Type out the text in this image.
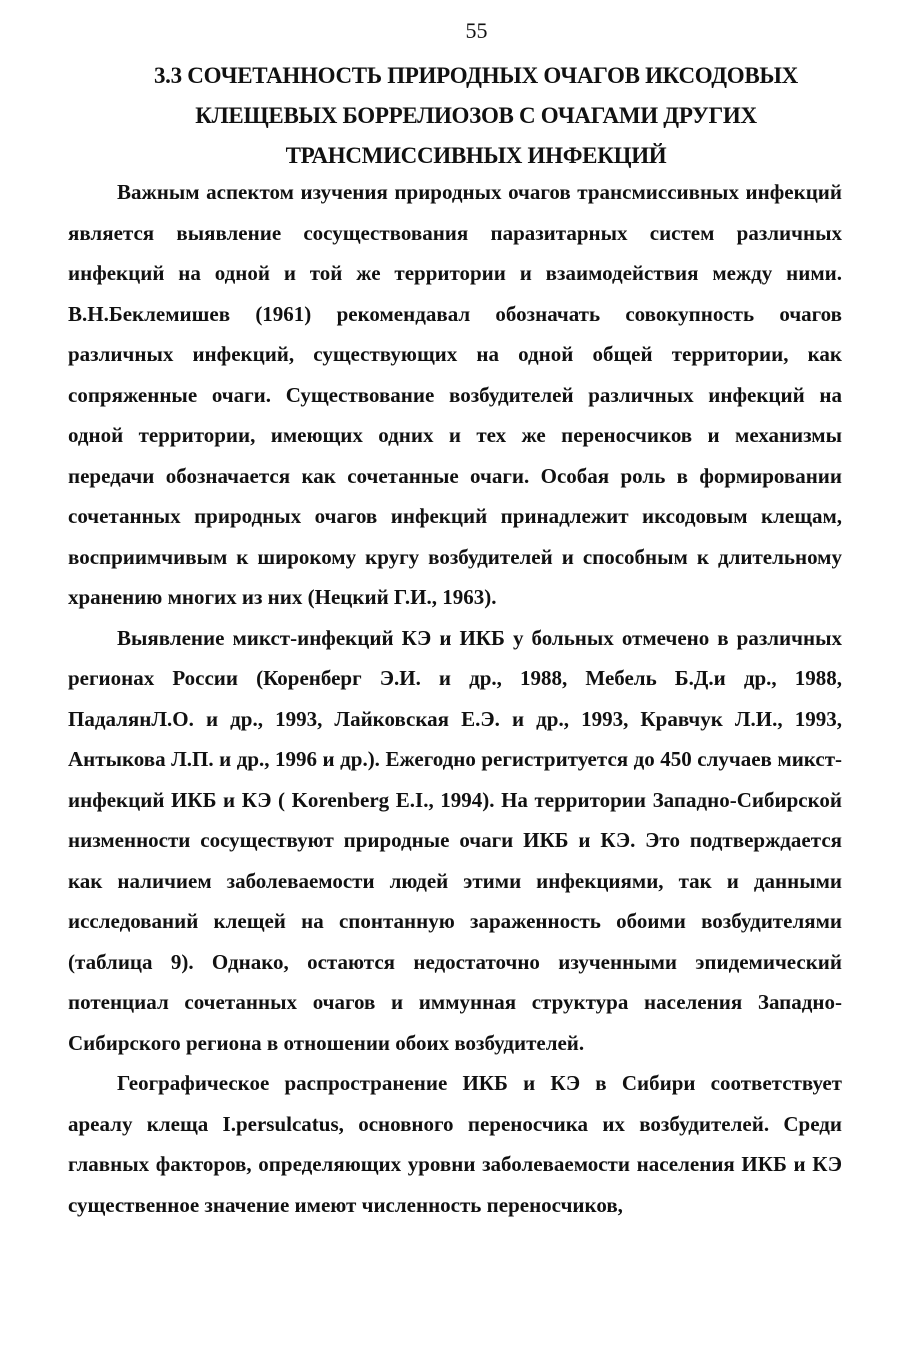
55
3.3 СОЧЕТАННОСТЬ ПРИРОДНЫХ ОЧАГОВ ИКСОДОВЫХ
КЛЕЩЕВЫХ БОРРЕЛИОЗОВ С ОЧАГАМИ ДРУГИХ
ТРАНСМИССИВНЫХ ИНФЕКЦИЙ

Важным аспектом изучения природных очагов трансмиссивных инфекций является выявление сосуществования паразитарных систем различных инфекций на одной и той же территории и взаимодействия между ними. В.Н.Беклемишев (1961) рекомендавал обозначать совокупность очагов различных инфекций, существующих на одной общей территории, как сопряженные очаги. Существование возбудителей различных инфекций на одной территории, имеющих одних и тех же переносчиков и механизмы передачи обозначается как сочетанные очаги. Особая роль в формировании сочетанных природных очагов инфекций принадлежит иксодовым клещам, восприимчивым к широкому кругу возбудителей и способным к длительному хранению многих из них (Нецкий Г.И., 1963).

Выявление микст-инфекций КЭ и ИКБ у больных отмечено в различных регионах России (Коренберг Э.И. и др., 1988, Мебель Б.Д.и др., 1988, ПадалянЛ.О. и др., 1993, Лайковская Е.Э. и др., 1993, Кравчук Л.И., 1993, Антыкова Л.П. и др., 1996 и др.). Ежегодно регистритуется до 450 случаев микст-инфекций ИКБ и КЭ ( Korenberg E.I., 1994). На территории Западно-Сибирской низменности сосуществуют природные очаги ИКБ и КЭ. Это подтверждается как наличием заболеваемости людей этими инфекциями, так и данными исследований клещей на спонтанную зараженность обоими возбудителями (таблица 9). Однако, остаются недостаточно изученными эпидемический потенциал сочетанных очагов и иммунная структура населения Западно-Сибирского региона в отношении обоих возбудителей.

Географическое распространение ИКБ и КЭ в Сибири соответствует ареалу клеща I.persulcatus, основного переносчика их возбудителей. Среди главных факторов, определяющих уровни заболеваемости населения ИКБ и КЭ существенное значение имеют численность переносчиков,
